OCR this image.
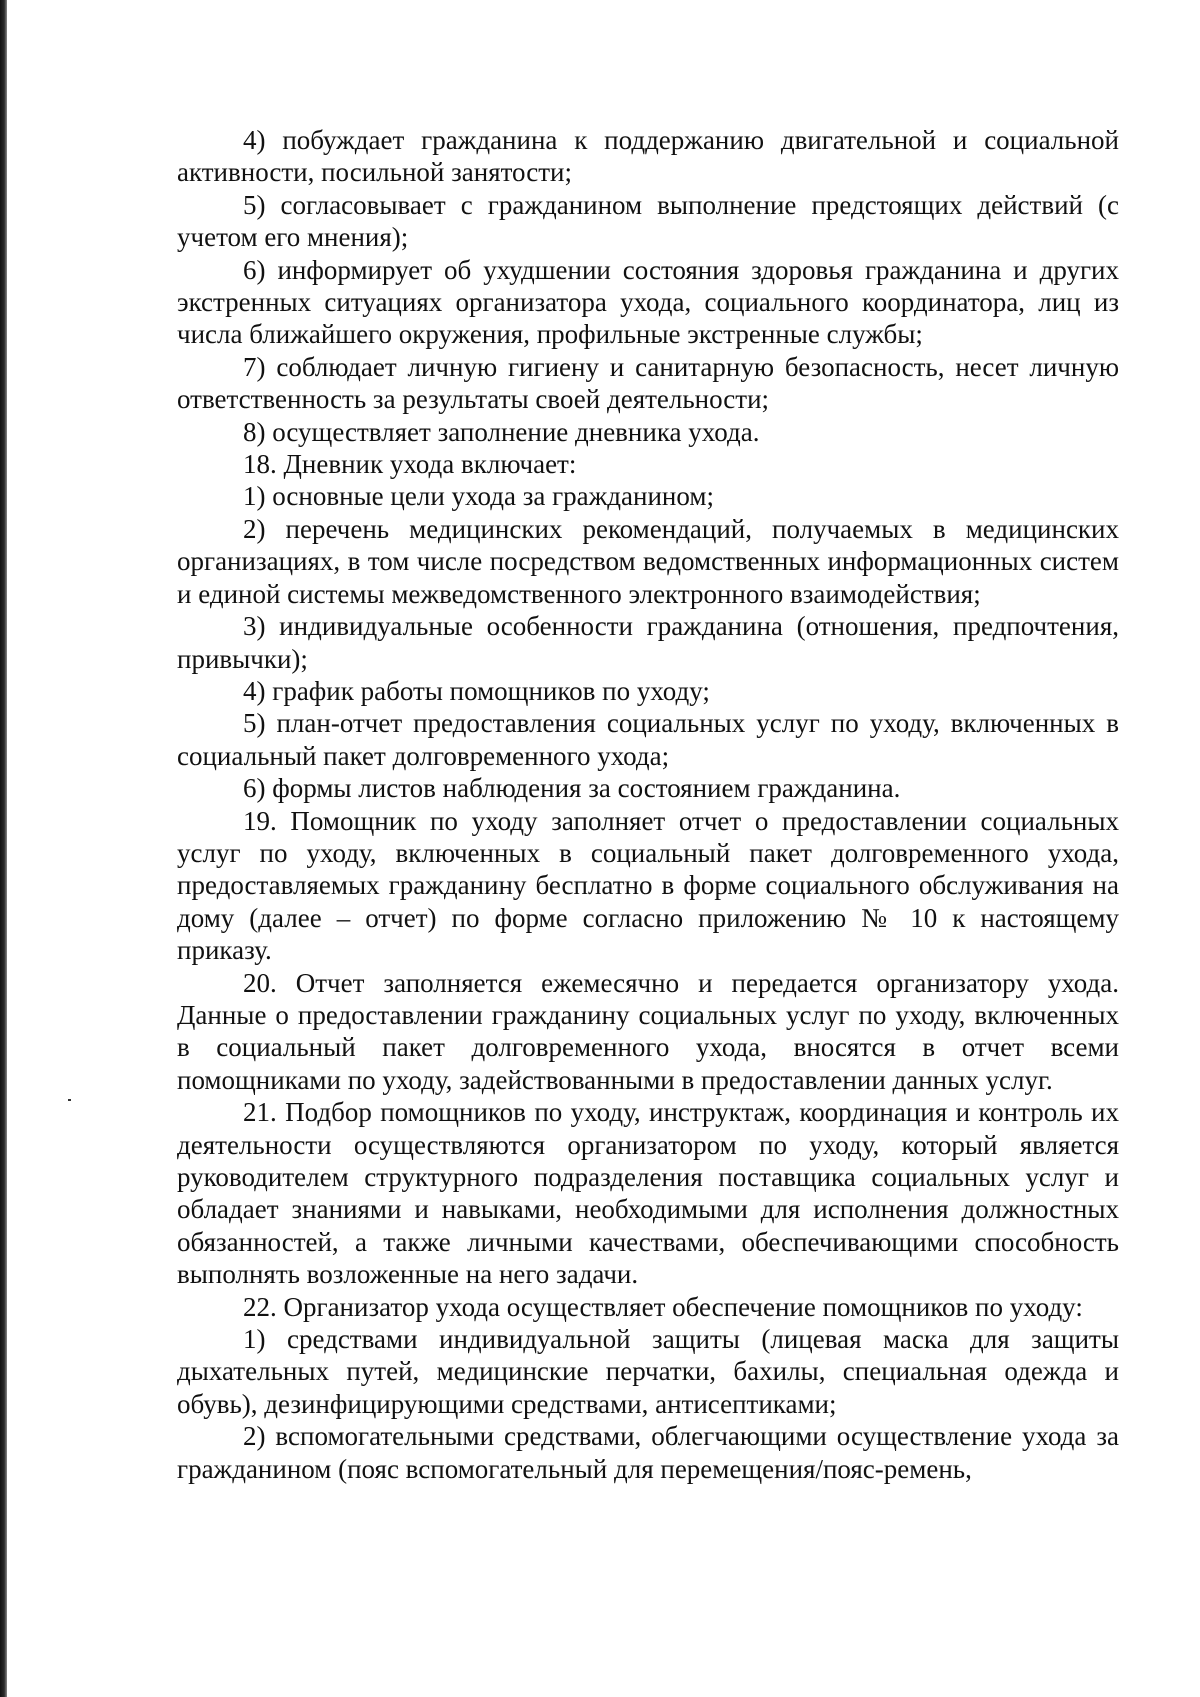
4) побуждает гражданина к поддержанию двигательной и социальной активности, посильной занятости;

5) согласовывает с гражданином выполнение предстоящих действий (с учетом его мнения);

6) информирует об ухудшении состояния здоровья гражданина и других экстренных ситуациях организатора ухода, социального координатора, лиц из числа ближайшего окружения, профильные экстренные службы;

7) соблюдает личную гигиену и санитарную безопасность, несет личную ответственность за результаты своей деятельности;

8) осуществляет заполнение дневника ухода.

18. Дневник ухода включает:

1) основные цели ухода за гражданином;

2) перечень медицинских рекомендаций, получаемых в медицинских организациях, в том числе посредством ведомственных информационных систем и единой системы межведомственного электронного взаимодействия;

3) индивидуальные особенности гражданина (отношения, предпочтения, привычки);

4) график работы помощников по уходу;

5) план-отчет предоставления социальных услуг по уходу, включенных в социальный пакет долговременного ухода;

6) формы листов наблюдения за состоянием гражданина.

19. Помощник по уходу заполняет отчет о предоставлении социальных услуг по уходу, включенных в социальный пакет долговременного ухода, предоставляемых гражданину бесплатно в форме социального обслуживания на дому (далее – отчет) по форме согласно приложению № 10 к настоящему приказу.

20. Отчет заполняется ежемесячно и передается организатору ухода. Данные о предоставлении гражданину социальных услуг по уходу, включенных в социальный пакет долговременного ухода, вносятся в отчет всеми помощниками по уходу, задействованными в предоставлении данных услуг.

21. Подбор помощников по уходу, инструктаж, координация и контроль их деятельности осуществляются организатором по уходу, который является руководителем структурного подразделения поставщика социальных услуг и обладает знаниями и навыками, необходимыми для исполнения должностных обязанностей, а также личными качествами, обеспечивающими способность выполнять возложенные на него задачи.

22. Организатор ухода осуществляет обеспечение помощников по уходу:

1) средствами индивидуальной защиты (лицевая маска для защиты дыхательных путей, медицинские перчатки, бахилы, специальная одежда и обувь), дезинфицирующими средствами, антисептиками;

2) вспомогательными средствами, облегчающими осуществление ухода за гражданином (пояс вспомогательный для перемещения/пояс-ремень,
